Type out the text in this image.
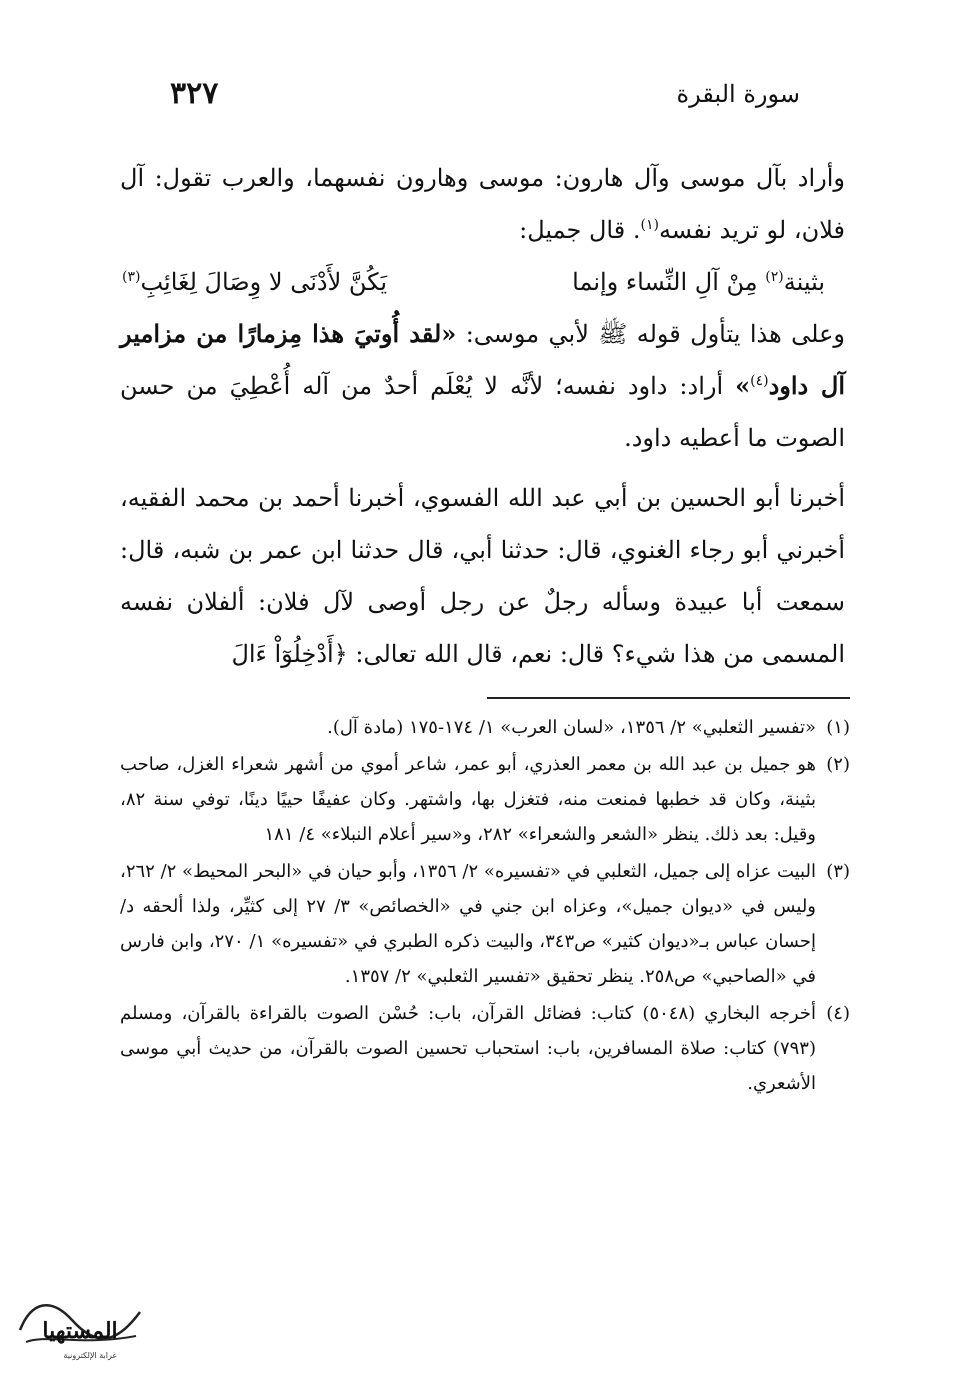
سورة البقرة
٣٢٧

وأراد بآل موسى وآل هارون: موسى وهارون نفسهما، والعرب تقول: آل فلان، لو تريد نفسه$^{(١)}$. قال جميل:

بثينة$^{(٢)}$ مِنْ آلِ النِّساء وإنما
يَكُنَّ لأَدْنَى لا وِصَالَ لِغَائِبِ$^{(٣)}$

وعلى هذا يتأول قوله ﷺ لأبي موسى: «لقد أُوتيَ هذا مِزمارًا من مزامير آل داود$^{(٤)}$» أراد: داود نفسه؛ لأنَّه لا يُعْلَم أحدٌ من آله أُعْطِيَ من حسن الصوت ما أعطيه داود.

أخبرنا أبو الحسين بن أبي عبد الله الفسوي، أخبرنا أحمد بن محمد الفقيه، أخبرني أبو رجاء الغنوي، قال: حدثنا أبي، قال حدثنا ابن عمر بن شبه، قال: سمعت أبا عبيدة وسأله رجلٌ عن رجل أوصى لآل فلان: ألفلان نفسه المسمى من هذا شيء؟ قال: نعم، قال الله تعالى: ﴿أَدْخِلُوٓاْ ءَالَ

(١)
«تفسير الثعلبي» ٢/ ١٣٥٦، «لسان العرب» ١/ ١٧٤-١٧٥ (مادة آل).
(٢)
هو جميل بن عبد الله بن معمر العذري، أبو عمر، شاعر أموي من أشهر شعراء الغزل، صاحب بثينة، وكان قد خطبها فمنعت منه، فتغزل بها، واشتهر. وكان عفيفًا حييًا دينًا، توفي سنة ٨٢، وقيل: بعد ذلك. ينظر «الشعر والشعراء» ٢٨٢، و«سير أعلام النبلاء» ٤/ ١٨١
(٣)
البيت عزاه إلى جميل، الثعلبي في «تفسيره» ٢/ ١٣٥٦، وأبو حيان في «البحر المحيط» ٢/ ٢٦٢، وليس في «ديوان جميل»، وعزاه ابن جني في «الخصائص» ٣/ ٢٧ إلى كثيِّر، ولذا ألحقه د/ إحسان عباس بـ«ديوان كثير» ص٣٤٣، والبيت ذكره الطبري في «تفسيره» ١/ ٢٧٠، وابن فارس في «الصاحبي» ص٢٥٨. ينظر تحقيق «تفسير الثعلبي» ٢/ ١٣٥٧.
(٤)
أخرجه البخاري (٥٠٤٨) كتاب: فضائل القرآن، باب: حُسْن الصوت بالقراءة بالقرآن، ومسلم (٧٩٣) كتاب: صلاة المسافرين، باب: استحباب تحسين الصوت بالقرآن، من حديث أبي موسى الأشعري.
المستهيا
غرابة الإلكترونية
